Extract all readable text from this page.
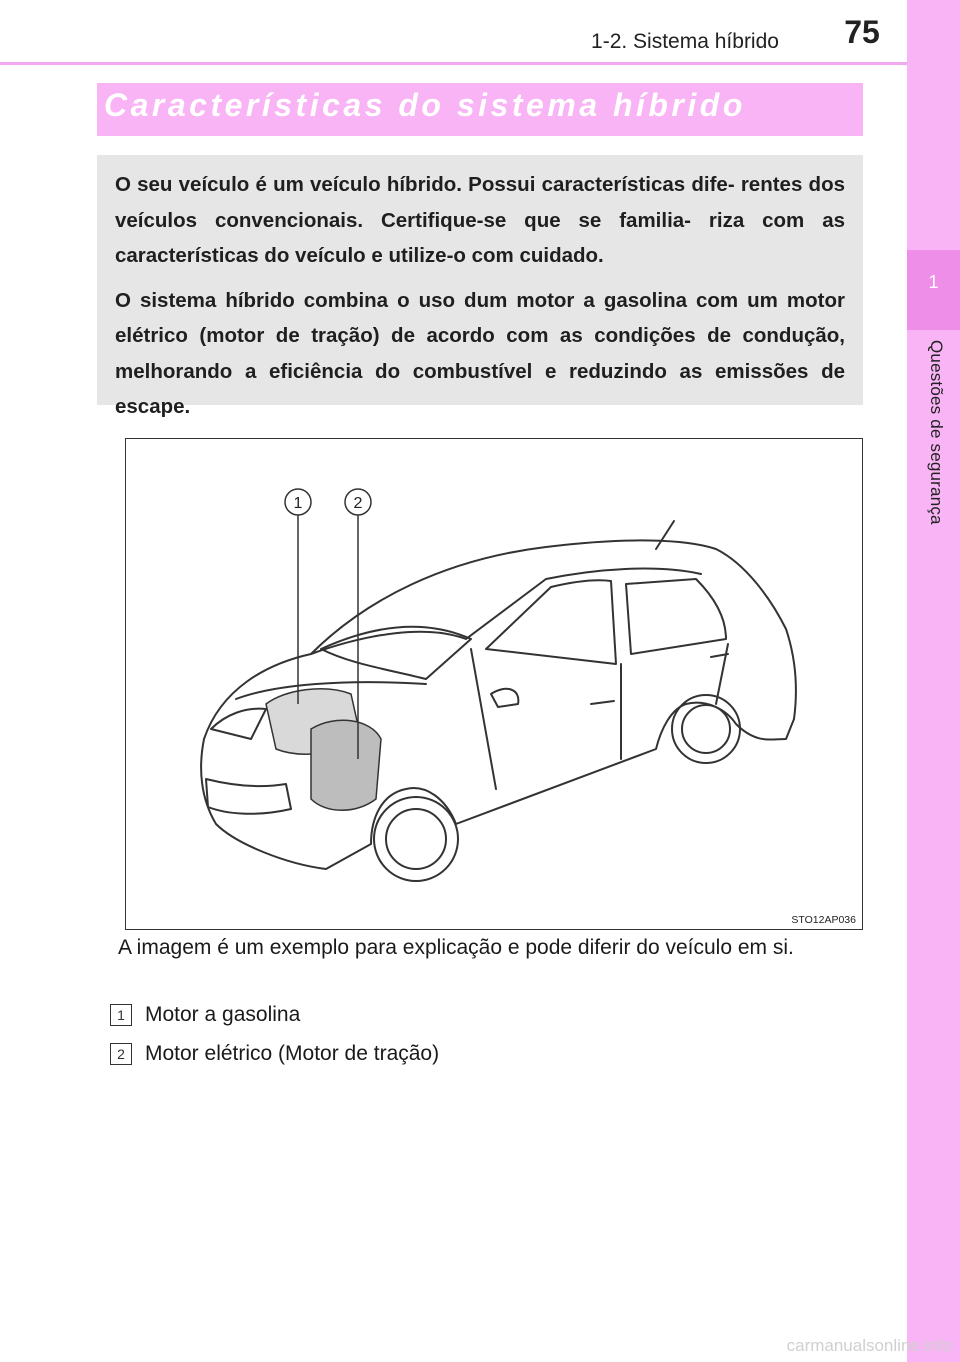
75
1-2. Sistema híbrido
1
Questões de segurança
Características do sistema híbrido

O seu veículo é um veículo híbrido. Possui características dife- rentes dos veículos convencionais. Certifique-se que se familia- riza com as características do veículo e utilize-o com cuidado.

O sistema híbrido combina o uso dum motor a gasolina com um motor elétrico (motor de tração) de acordo com as condições de condução, melhorando a eficiência do combustível e reduzindo as emissões de escape.

1	2
STO12AP036
A imagem é um exemplo para explicação e pode diferir do veículo em si.
1 Motor a gasolina
2 Motor elétrico (Motor de tração)
carmanualsonline.info
